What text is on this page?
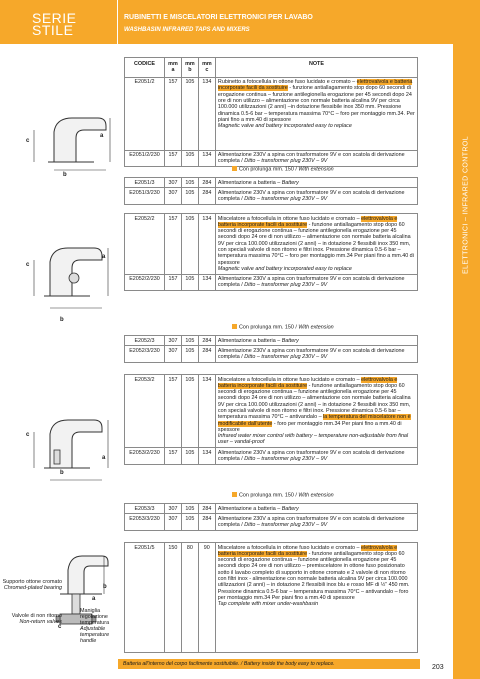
SERIE
STILE
RUBINETTI E MISCELATORI ELETTRONICI PER LAVABO
WASHBASIN INFRARED TAPS AND MIXERS
ELETTRONICI – INFRARED CONTROL
CODICE	mm a	mm b	mm c	NOTE
E2051/2	157	105	134	Rubinetto a fotocellula in ottone fuso lucidato e cromato – elettrovalvola e batteria incorporate facili da sostituire - funzione antiallagamento stop dopo 60 secondi di erogazione continua – funzione antilegionella erogazione per 45 secondi dopo 24 ore di non utilizzo – alimentazione con normale batteria alcalina 9V per circa 100.000 utilizzazioni (2 anni) –in dotazione flessibile inox 350 mm. Pressione dinamica 0.5-6 bar – temperatura massima 70°C – foro per montaggio mm.34. Per piani fino a mm.40 di spessore
Magnetic valve and battery incorporated easy to replace
E2051/2/230	157	105	134	Alimentazione 230V a spina con trasformatore 9V e con scatola di derivazione completa / Ditto – transformer plug 230V – 9V
Con prolunga mm. 150 / With extension
E2051/3	307	105	284	Alimentazione a batteria – Battery
E2051/3/230	307	105	284	Alimentazione 230V a spina con trasformatore 9V e con scatola di derivazione completa / Ditto – transformer plug 230V – 9V
E2052/2	157	105	134	Miscelatore a fotocellula in ottone fuso lucidato e cromato – elettrovalvola e batteria incorporate facili da sostituire - funzione antiallagamento stop dopo 60 secondi di erogazione continua – funzione antilegionella erogazione per 45 secondi dopo 24 ore di non utilizzo – alimentazione con normale batteria alcalina 9V per circa 100.000 utilizzazioni (2 anni) – in dotazione 2 flessibili inox 350 mm, con speciali valvole di non ritorno e filtri inox. Pressione dinamica 0.5-6 bar – temperatura massima 70°C – foro per montaggio mm.34 Per piani fino a mm.40 di spessore
Magnetic valve and battery incorporated easy to replace
E2052/2/230	157	105	134	Alimentazione 230V a spina con trasformatore 9V e con scatola di derivazione completa / Ditto – transformer plug 230V – 9V
Con prolunga mm. 150 / With extension
E2052/3	307	105	284	Alimentazione a batteria – Battery
E2052/3/230	307	105	284	Alimentazione 230V a spina con trasformatore 9V e con scatola di derivazione completa / Ditto – transformer plug 230V – 9V
E2053/2	157	105	134	Miscelatore a fotocellula in ottone fuso lucidato e cromato – elettrovalvola e batteria incorporate facili da sostituire - funzione antiallagamento stop dopo 60 secondi di erogazione continua – funzione antilegionella erogazione per 45 secondi dopo 24 ore di non utilizzo – alimentazione con normale batteria alcalina 9V per circa 100.000 utilizzazioni (2 anni) – in dotazione 2 flessibili inox 350 mm, con speciali valvole di non ritorno e filtri inox. Pressione dinamica 0.5-6 bar – temperatura massima 70°C – antivandalo – la temperatura del miscelatore non è modificabile dall’utente - foro per montaggio mm.34 Per piani fino a mm.40 di spessore
Infrared water mixer control with battery – temperature non-adjustable from final user – vandal-proof
E2053/2/230	157	105	134	Alimentazione 230V a spina con trasformatore 9V e con scatola di derivazione completa / Ditto – transformer plug 230V – 9V
Con prolunga mm. 150 / With extension
E2053/3	307	105	284	Alimentazione a batteria – Battery
E2053/3/230	307	105	284	Alimentazione 230V a spina con trasformatore 9V e con scatola di derivazione completa / Ditto – transformer plug 230V – 9V
E2051/5	150	80	90	Miscelatore a fotocellula in ottone fuso lucidato e cromato – elettrovalvola e batteria incorporate facili da sostituire - funzione antiallagamento stop dopo 60 secondi di erogazione continua – funzione antilegionella erogazione per 45 secondi dopo 24 ore di non utilizzo – premiscelatore in ottone fuso posizionato sotto il lavabo completo di supporto in ottone cromato e 2 valvole di non ritorno con filtri inox - alimentazione con normale batteria alcalina 9V per circa 100.000 utilizzazioni (2 anni) – in dotazione 2 flessibili inox blu e rosso MF di ½” 450 mm. Pressione dinamica 0.5-6 bar – temperatura massima 70°C – antivandalo – foro per montaggio mm.34 Per piani fino a mm.40 di spessore
Tap complete with mixer under-washbasin
a
c
b
a
c
b
a
c
b
b
a
c
Supporto ottone cromato
Chromed-plated bearing
Valvole di non ritorno
Non-return valves
Maniglia regolazione temperatura
Adjustable temperature handle
Batteria all’interno del corpo facilmente sostituibile. / Battery inside the body easy to replace.	203
